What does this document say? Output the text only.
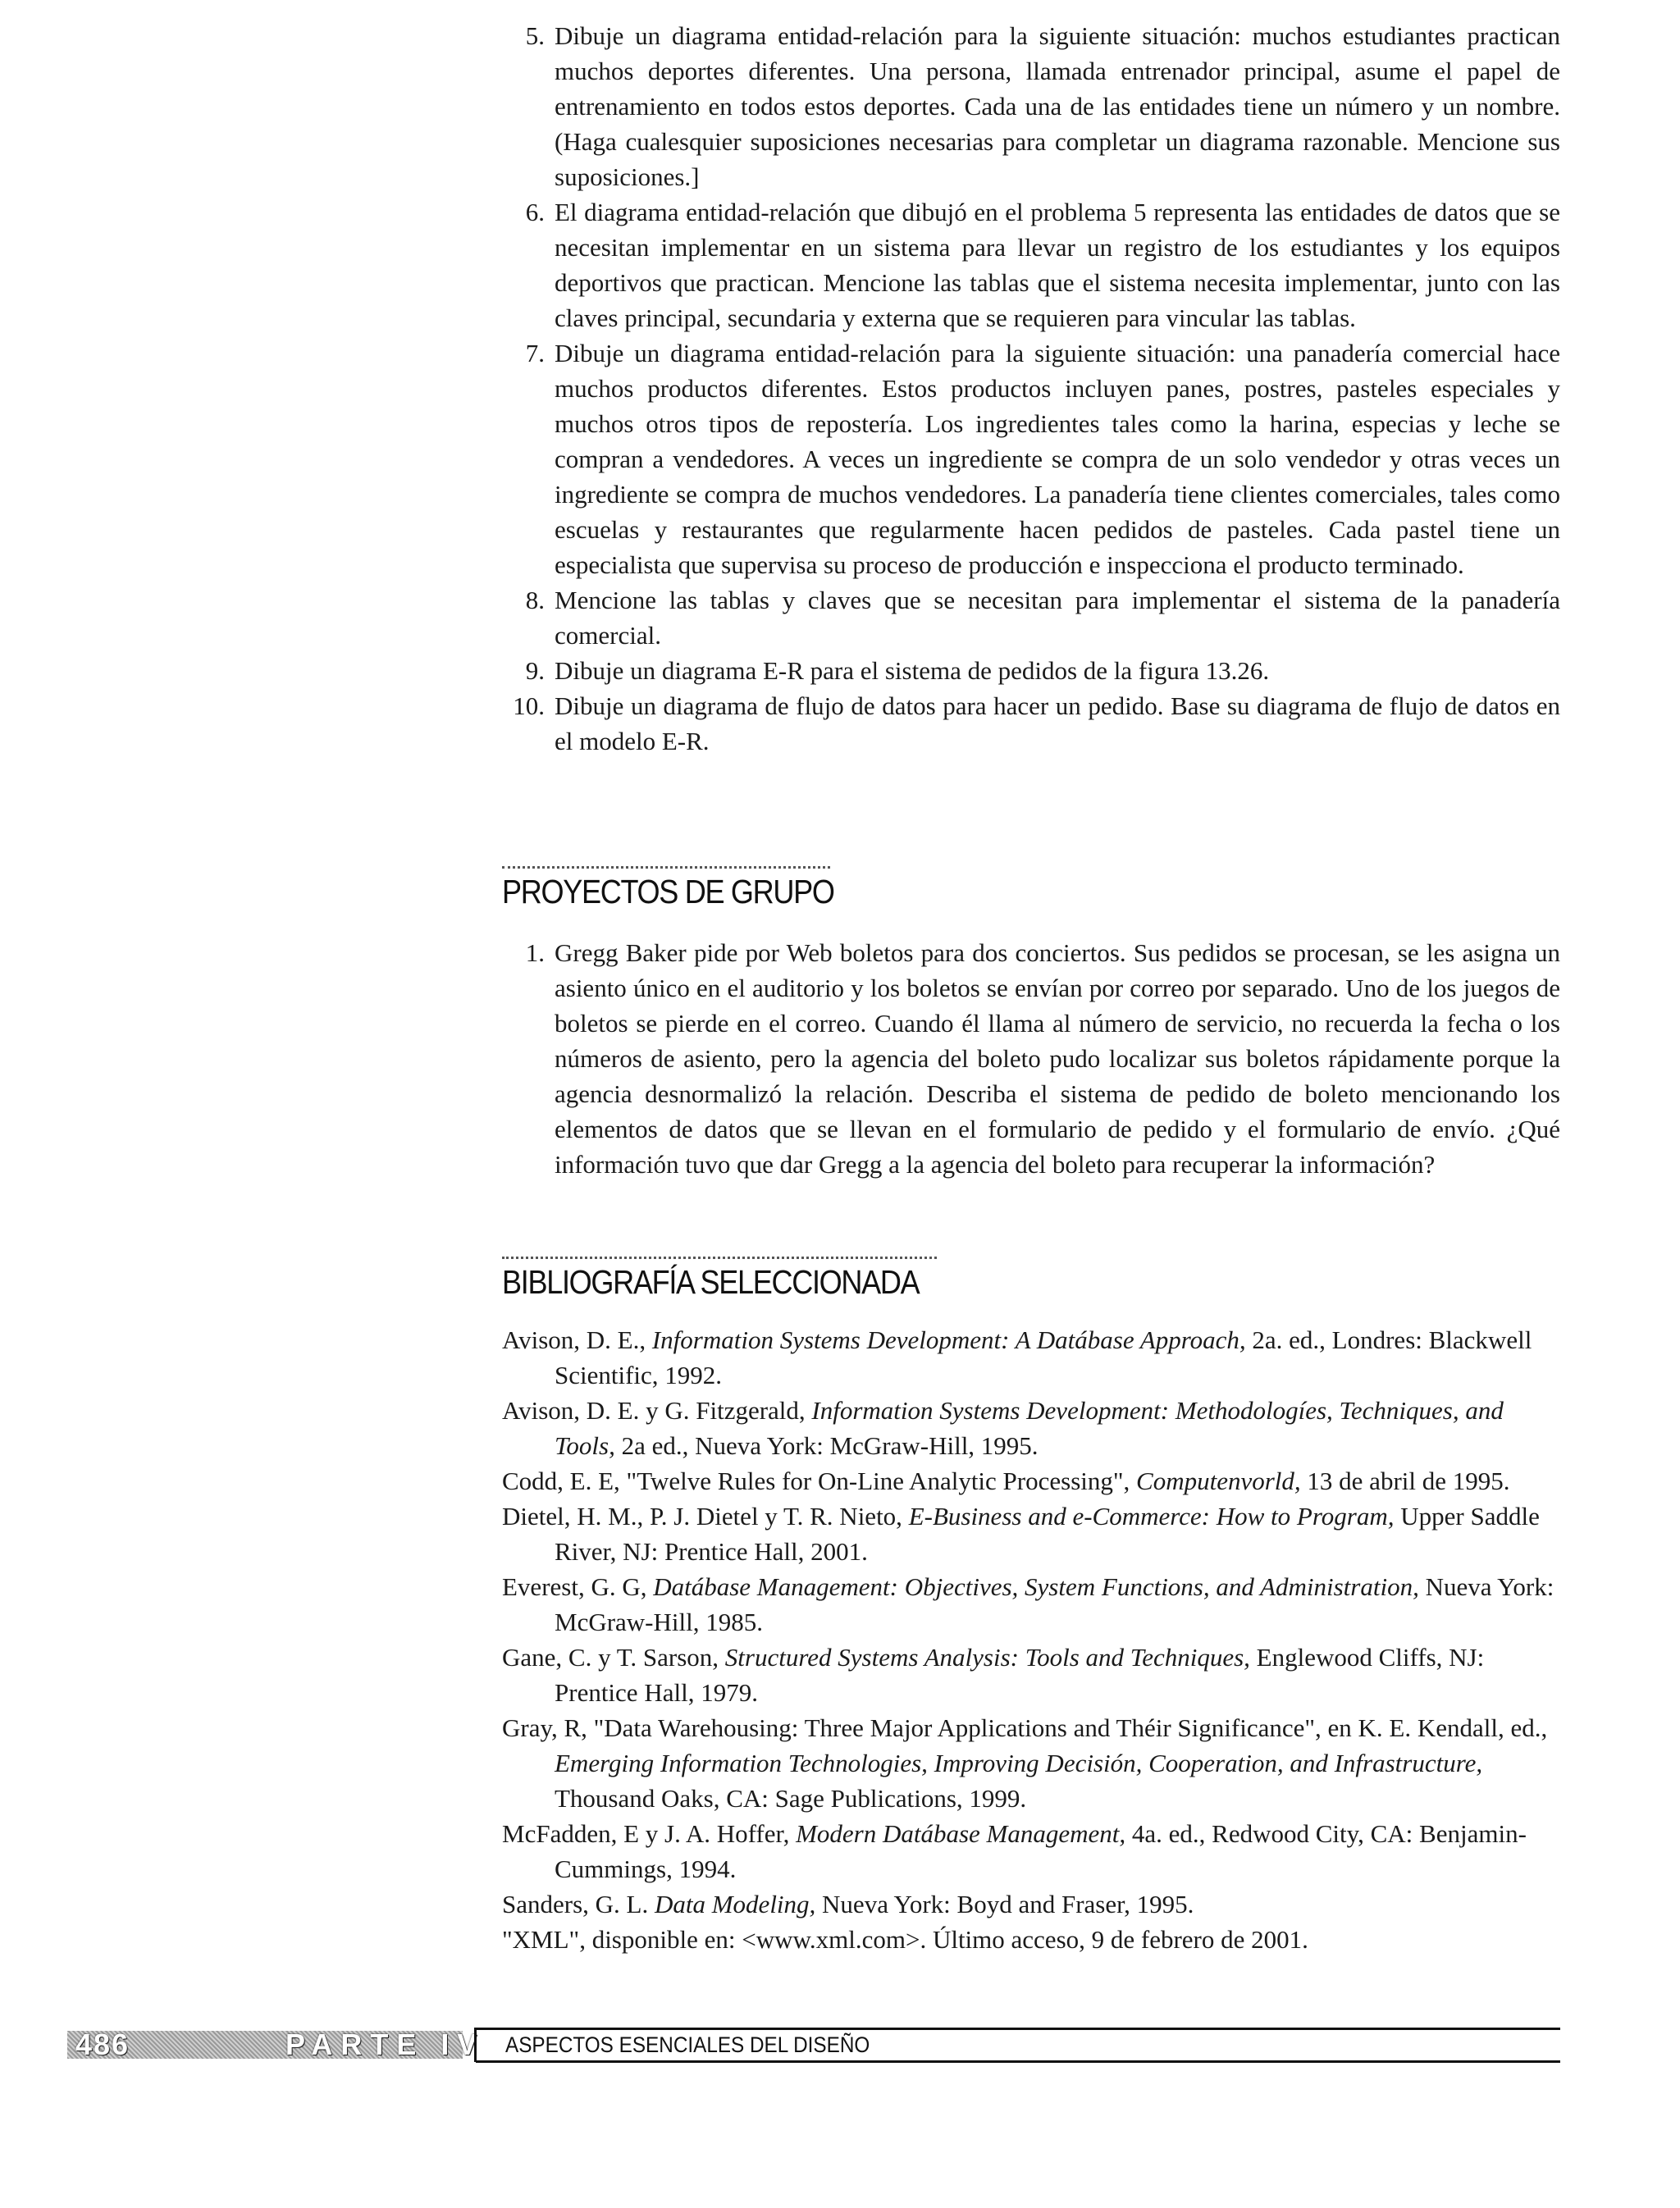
5. Dibuje un diagrama entidad-relación para la siguiente situación: muchos estudiantes practican muchos deportes diferentes. Una persona, llamada entrenador principal, asume el papel de entrenamiento en todos estos deportes. Cada una de las entidades tiene un número y un nombre. (Haga cualesquier suposiciones necesarias para completar un diagrama razonable. Mencione sus suposiciones.]
6. El diagrama entidad-relación que dibujó en el problema 5 representa las entidades de datos que se necesitan implementar en un sistema para llevar un registro de los estudiantes y los equipos deportivos que practican. Mencione las tablas que el sistema necesita implementar, junto con las claves principal, secundaria y externa que se requieren para vincular las tablas.
7. Dibuje un diagrama entidad-relación para la siguiente situación: una panadería comercial hace muchos productos diferentes. Estos productos incluyen panes, postres, pasteles especiales y muchos otros tipos de repostería. Los ingredientes tales como la harina, especias y leche se compran a vendedores. A veces un ingrediente se compra de un solo vendedor y otras veces un ingrediente se compra de muchos vendedores. La panadería tiene clientes comerciales, tales como escuelas y restaurantes que regularmente hacen pedidos de pasteles. Cada pastel tiene un especialista que supervisa su proceso de producción e inspecciona el producto terminado.
8. Mencione las tablas y claves que se necesitan para implementar el sistema de la panadería comercial.
9. Dibuje un diagrama E-R para el sistema de pedidos de la figura 13.26.
10. Dibuje un diagrama de flujo de datos para hacer un pedido. Base su diagrama de flujo de datos en el modelo E-R.
PROYECTOS DE GRUPO
1. Gregg Baker pide por Web boletos para dos conciertos. Sus pedidos se procesan, se les asigna un asiento único en el auditorio y los boletos se envían por correo por separado. Uno de los juegos de boletos se pierde en el correo. Cuando él llama al número de servicio, no recuerda la fecha o los números de asiento, pero la agencia del boleto pudo localizar sus boletos rápidamente porque la agencia desnormalizó la relación. Describa el sistema de pedido de boleto mencionando los elementos de datos que se llevan en el formulario de pedido y el formulario de envío. ¿Qué información tuvo que dar Gregg a la agencia del boleto para recuperar la información?
BIBLIOGRAFÍA SELECCIONADA
Avison, D. E., Information Systems Development: A Datábase Approach, 2a. ed., Londres: Blackwell Scientific, 1992.
Avison, D. E. y G. Fitzgerald, Information Systems Development: Methodologíes, Techniques, and Tools, 2a ed., Nueva York: McGraw-Hill, 1995.
Codd, E. E, "Twelve Rules for On-Line Analytic Processing", Computenvorld, 13 de abril de 1995.
Dietel, H. M., P. J. Dietel y T. R. Nieto, E-Business and e-Commerce: How to Program, Upper Saddle River, NJ: Prentice Hall, 2001.
Everest, G. G, Datábase Management: Objectives, System Functions, and Administration, Nueva York: McGraw-Hill, 1985.
Gane, C. y T. Sarson, Structured Systems Analysis: Tools and Techniques, Englewood Cliffs, NJ: Prentice Hall, 1979.
Gray, R, "Data Warehousing: Three Major Applications and Théir Significance", en K. E. Kendall, ed., Emerging Information Technologies, Improving Decisión, Cooperation, and Infrastructure, Thousand Oaks, CA: Sage Publications, 1999.
McFadden, E y J. A. Hoffer, Modern Datábase Management, 4a. ed., Redwood City, CA: Benjamin-Cummings, 1994.
Sanders, G. L. Data Modeling, Nueva York: Boyd and Fraser, 1995.
"XML", disponible en: <www.xml.com>. Último acceso, 9 de febrero de 2001.
486	PARTE IV ASPECTOS ESENCIALES DEL DISEÑO
